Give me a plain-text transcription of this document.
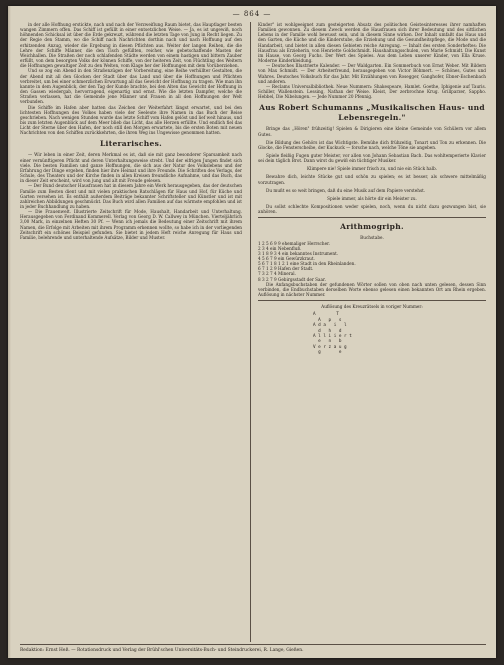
— 864 —

in der alle Hoffnung erstickte, nach und nach der Verzweiflung Raum bietet, das Hauptlager besten wangen Zimmern offen. Das Schiff ist gefüllt in einer entsetzlichen Weise. — Ja, es ist ungewiß, noch höhnenden Schicksal ist über die Erde gekreuzt, während die letzten Tage von Jung in Recht liegen. Zu der Regie den Stamm, wo die Schiff nach Nachrichten dorthin nach und nach Hoffnung auf den erhitzenden Anzug, wieder die Ergebung in diesen Pflichten aus. Weiter der langen Reihen, die die Lehre der Schiffe Männer, die den Tisch gefüllten, reicher, wie gebetschaffende Masten der Weichhallen. Die Straßen der noch schlafenden Städte werden von einem hastigen und bittern Zauber erfüllt, von dem besorgten Volks der können Schiffe, von der heiteren Zeit, von Flüchtling des Weitern die Hoffnungen gewaltiger Zeit zu den Welten, vom Klage her der Hoffnungen mit dem Vorüberziehen.

Und so zog ein Abend in den Straßenzügen der Vorbereitung, eine Reihe verhüllter Gestalten, die der Abend mit all den Glocken der Stadt über das Land und über die Hoffnungen und Pflichten verbreitet, um bei einer schmerzlichen Erwartung all das Gewicht der Hoffnung zu tragen. Wie man ihn kannte in dem Augenblick, der den Tag der Kunde brachte, bei den Alten das Gewicht der Hoffnung in den Gassen wiedergab, hervorragend, eigenartig und ernst. Wie die letzten Dampfer, welche die Straßen verlassen, hat die Gemeinde jene Männer und Frauen in all den Hoffnungen der Welt verbunden.

Die Schiffe im Hafen aber hatten das Zeichen der Weiterfahrt längst erwartet, und bei den lichtesten Hoffnungen des Volkes haben viele der Seeleute ihre Namen in das Buch der Reise geschrieben. Nach wenigen Stunden wurde das letzte Schiff vom Hafen gelöst und lief weit hinaus, und bis zum letzten Augenblick auf dem Meer blieb das Licht, das alle Herzen erfüllte. Und endlich fiel das Licht der Sterne über den Hafen, der noch still den Morgen erwartete, bis die ersten Boten mit neuen Nachrichten von den Schiffen zurückkehrten, die ihren Weg ins Ungewisse genommen hatten.

Literarisches.

— Wir leben in einer Zeit, deren Merkmal es ist, daß sie mit ganz besonderer Sparsamkeit nach einer vernünftigeren Pflicht und deren Unterhaltungsweise strebt. Und der eifrigen Jungen findet sich viele. Die besten Familien und ganze Hoffnungen, die sich aus der Natur des Volkslebens und der Erfahrung der Dinge ergeben, finden hier ihre Heimat und ihre Freunde. Die Schriften des Verlags, der Schule, des Theaters und der Kirche finden in allen Kreisen freundliche Aufnahme, und das Buch, das in dieser Zeit erscheint, wird von jung und alt mit Freude gelesen.

— Der Bund deutscher Hausfrauen hat in diesem Jahre ein Werk herausgegeben, das der deutschen Familie zum Besten dient und mit vielen praktischen Ratschlägen für Haus und Hof, für Küche und Garten versehen ist. Es enthält außerdem Beiträge bekannter Schriftsteller und Künstler und ist mit zahlreichen Abbildungen geschmückt. Das Buch wird allen Familien auf das wärmste empfohlen und ist in jeder Buchhandlung zu haben.

— Die Frauenwelt. Illustrierte Zeitschrift für Mode, Haushalt, Handarbeit und Unterhaltung. Herausgegeben von Ferdinand Kommerell. Verlag von Georg D. W. Callwey in München. Vierteljährlich 3,00 Mark, in einzelnen Heften 30 Pf. — Wenn ich jemals die Bedeutung einer Zeitschrift mit ihrem Namen, die Erfolge mit Arbeiten mit ihrem Programm erkennen wollte, so habe ich in der vorliegenden Zeitschrift ein schönes Beispiel gefunden. Sie bietet in jedem Heft reiche Anregung für Haus und Familie, belehrende und unterhaltende Aufsätze, Bilder und Muster.

Kinder" ist wohlgeeignet zum gesteigerten Absatz des politischen Geistesinteresses ihrer namhaften Familien gewonnen. Zu diesem Zweck werden die Hausfrauen sich ihrer Bedeutung und des sittlichen Lebens in der Familie wohl bewusst sein, und in diesem Sinne wirken. Der Inhalt umfaßt das Haus und den Garten, die Küche und die Kinderstube, die Erziehung und die Gesundheitspflege, die Mode und die Handarbeit, und bietet in allen diesen Gebieten reiche Anregung. — Inhalt des ersten Sonderheftes: Die Hausfrau als Erzieherin, von Henriette Goldschmidt. Haushaltungsschulen, von Marie Schmidt. Die Kunst im Hause, von Georg Fuchs. Der Wert des Spieles. Aus dem Leben unserer Kinder, von Ella Kruse. Moderne Kinderkleidung.

— Deutsches Illustrierte Kalender. — Der Waldgarten. Ein Sommerbuch von Ernst Weber. Mit Bildern von Max Schmidt. — Der Arbeiterfreund, herausgegeben von Victor Böhmert. — Schönes, Gutes und Wahres. Deutsches Volksbuch für das Jahr. Mit Erzählungen von Rosegger, Ganghofer, Ebner-Eschenbach und anderen.

— Reclams Universalbibliothek. Neue Nummern: Shakespeare, Hamlet. Goethe, Iphigenie auf Tauris. Schiller, Wallenstein. Lessing, Nathan der Weise. Kleist, Der zerbrochne Krug. Grillparzer, Sappho. Hebbel, Die Nibelungen. — Jede Nummer 20 Pfennig.

Aus Robert Schumanns „Musikalischen Haus- und Lebensregeln."

Bringe das „Hören" frühzeitig! Spielen & Dirigieren eine kleine Gemeinde von Schülern vor allem Gutes.

Die Bildung des Gehörs ist das Wichtigste. Bemühe dich frühzeitig, Tonart und Ton zu erkennen. Die Glocke, die Fensterscheibe, der Kuckuck — forsche nach, welche Töne sie angeben.

Spiele fleißig Fugen guter Meister, vor allen von Johann Sebastian Bach. Das wohltemperierte Klavier sei dein täglich Brot. Dann wirst du gewiß ein tüchtiger Musiker.

Klimpere nie! Spiele immer frisch zu, und nie ein Stück halb.

Bewahre dich, leichte Stücke gut und schön zu spielen; es ist besser, als schwere mittelmäßig vorzutragen.

Du mußt es so weit bringen, daß du eine Musik auf dem Papiere verstehst.

Spiele immer, als hörte dir ein Meister zu.

Du sollst schlechte Kompositionen weder spielen, noch, wenn du nicht dazu gezwungen bist, sie anhören.

Arithmogriph.

Buchstabe.

1 2 5 6 9 9 ehemaliger Herrscher.

2 3 4 ein Nebenfluß.

3 1 8 9 3 4 ein bekanntes Instrument.

4 5 6 7 9 ein Gewürzkraut.

5 6 7 1 8 1 2 1 eine Stadt in den Rheinlanden.

6 7 1 2 9 Hafen der Stadt.

7 3 2 7 4 Mineral.

8 3 2 7 9 Gebirgsstadt der Saar.

Die Anfangsbuchstaben der gefundenen Wörter sollen von oben nach unten gelesen, dessen Sinn verbinden, die Endbuchstaben derselben Worte ebenso gelesen einen bekannten Ort am Rhein ergeben. Auflösung in nächster Nummer.

Auflösung des Kreuzrätsels in voriger Nummer:

A        T
A   p   s
A d a   i   l
d   h   d
A l l i i e r t
e   n   b
V e r z a u g
g       e
Redaktion: Ernst Heß. — Rotationsdruck und Verlag der Brühl'schen Universitäts-Buch- und Steindruckerei, R. Lange, Gießen.
